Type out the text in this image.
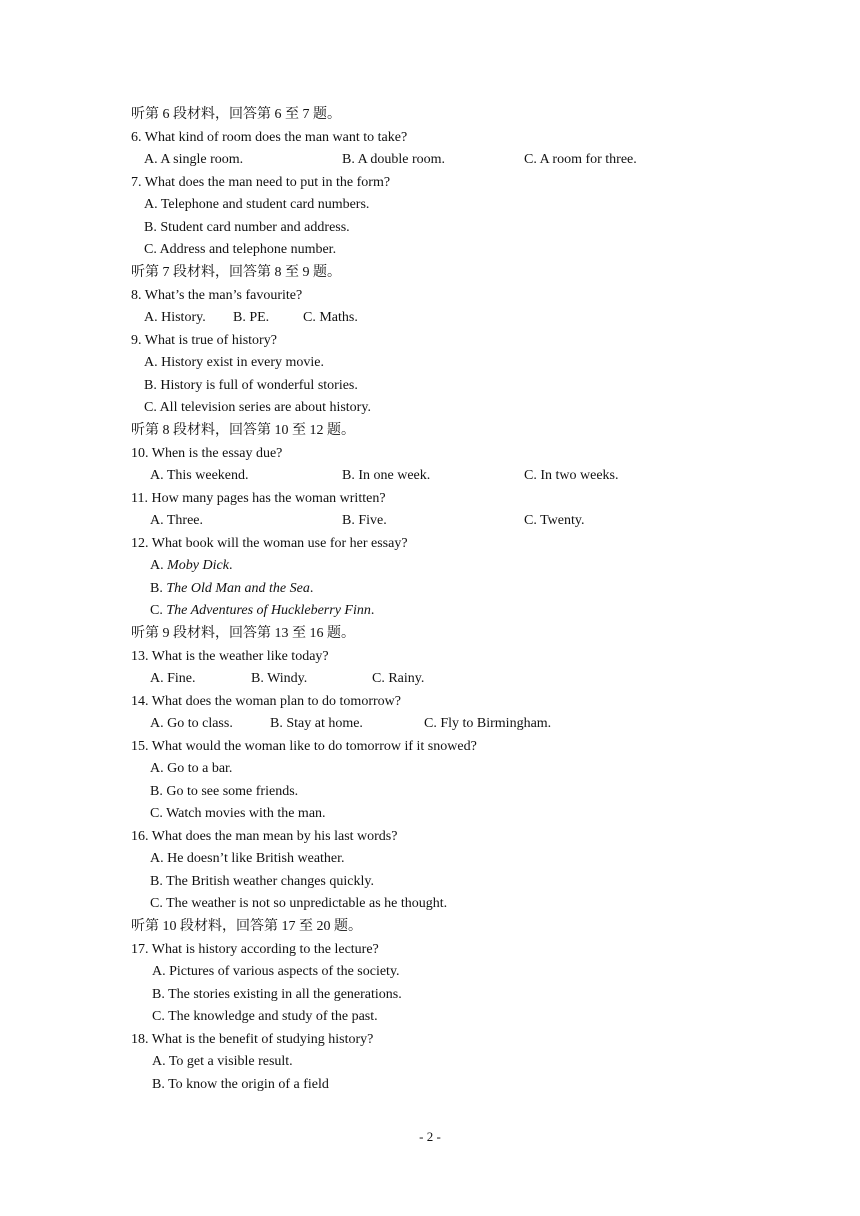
听第 6 段材料，回答第 6 至 7 题。
6. What kind of room does the man want to take?
A. A single room.	B. A double room.	C. A room for three.
7. What does the man need to put in the form?
A. Telephone and student card numbers.
B. Student card number and address.
C. Address and telephone number.
听第 7 段材料，回答第 8 至 9 题。
8. What’s the man’s favourite?
A. History. B. PE. C. Maths.
9. What is true of history?
A. History exist in every movie.
B. History is full of wonderful stories.
C. All television series are about history.
听第 8 段材料，回答第 10 至 12 题。
10. When is the essay due?
A. This weekend.	B. In one week.	C. In two weeks.
11. How many pages has the woman written?
A. Three.	B. Five.	C. Twenty.
12. What book will the woman use for her essay?
A. Moby Dick.
B. The Old Man and the Sea.
C. The Adventures of Huckleberry Finn.
听第 9 段材料，回答第 13 至 16 题。
13. What is the weather like today?
A. Fine.	B. Windy.	C. Rainy.
14. What does the woman plan to do tomorrow?
A. Go to class.	B. Stay at home.	C. Fly to Birmingham.
15. What would the woman like to do tomorrow if it snowed?
A. Go to a bar.
B. Go to see some friends.
C. Watch movies with the man.
16. What does the man mean by his last words?
A. He doesn’t like British weather.
B. The British weather changes quickly.
C. The weather is not so unpredictable as he thought.
听第 10 段材料，回答第 17 至 20 题。
17. What is history according to the lecture?
A. Pictures of various aspects of the society.
B. The stories existing in all the generations.
C. The knowledge and study of the past.
18. What is the benefit of studying history?
A. To get a visible result.
B. To know the origin of a field
- 2 -
